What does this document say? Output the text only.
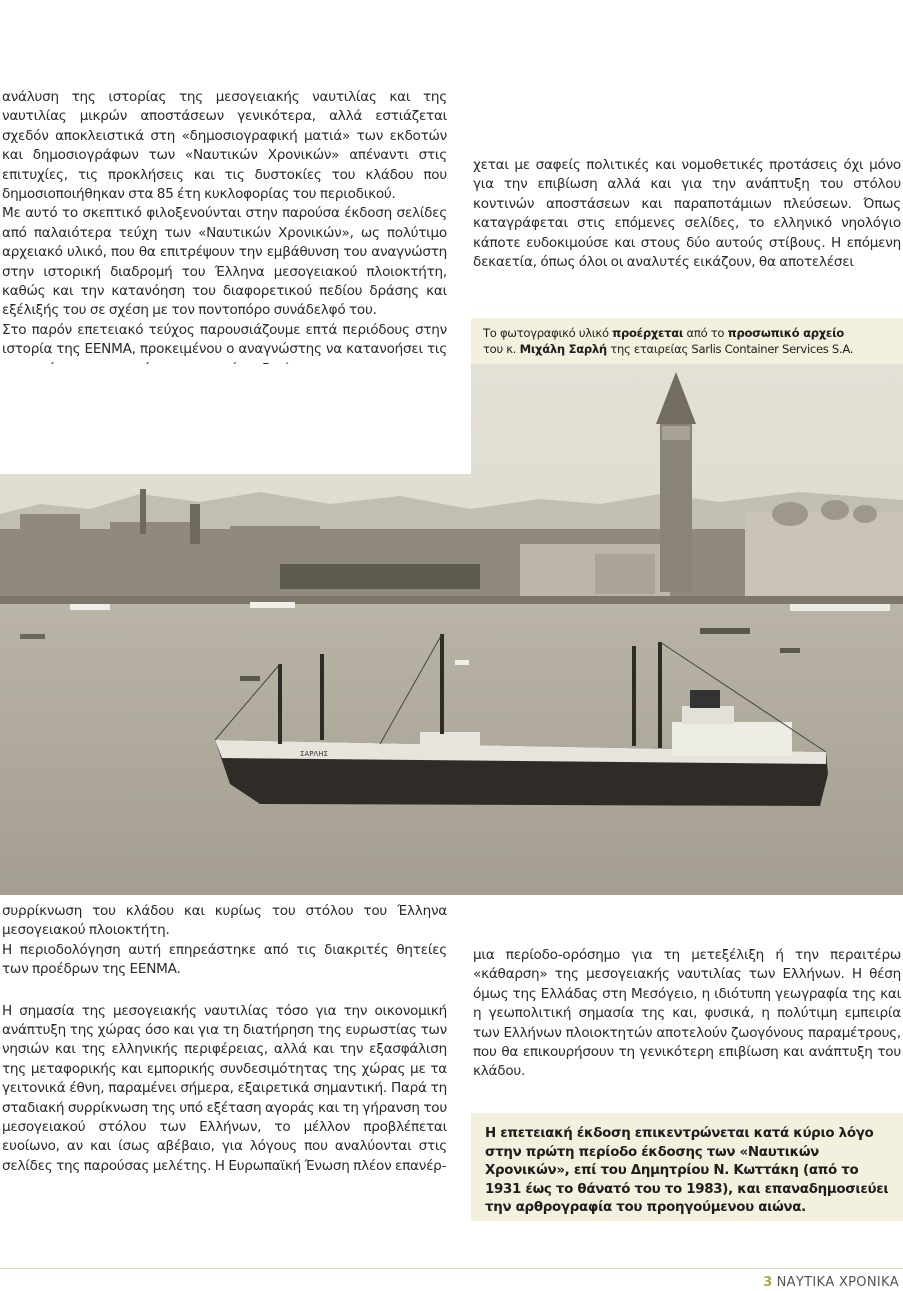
ανάλυση της ιστορίας της μεσογειακής ναυτιλίας και της ναυτιλίας μικρών αποστάσεων γενικότερα, αλλά εστιάζεται σχεδόν αποκλειστικά στη «δημοσιογραφική ματιά» των εκδοτών και δημοσιογράφων των «Ναυτικών Χρονικών» απέναντι στις επιτυχίες, τις προκλήσεις και τις δυστοκίες του κλάδου που δημοσιοποιήθηκαν στα 85 έτη κυκλοφορίας του περιοδικού.

Με αυτό το σκεπτικό φιλοξενούνται στην παρούσα έκδοση σελίδες από παλαιότερα τεύχη των «Ναυτικών Χρονικών», ως πολύτιμο αρχειακό υλικό, που θα επιτρέψουν την εμβάθυνση του αναγνώστη στην ιστορική διαδρομή του Έλληνα μεσογειακού πλοιοκτήτη, καθώς και την κατανόηση του διαφορετικού πεδίου δράσης και εξέλιξής του σε σχέση με τον ποντοπόρο συνάδελφό του.

Στο παρόν επετειακό τεύχος παρουσιάζουμε επτά περιόδους στην ιστορία της ΕΕΝΜΑ, προκειμένου ο αναγνώστης να κατανοήσει τις

χεται με σαφείς πολιτικές και νομοθετικές προτάσεις όχι μόνο για την επιβίωση αλλά και για την ανάπτυξη του στόλου κοντινών αποστάσεων και παραποτάμιων πλεύσεων. Όπως καταγράφεται στις επόμενες σελίδες, το ελληνικό νηολόγιο κάποτε ευδοκιμούσε και στους δύο αυτούς στίβους. Η επόμενη δεκαετία, όπως όλοι οι αναλυτές εικάζουν, θα αποτελέσει

Το φωτογραφικό υλικό προέρχεται από το προσωπικό αρχείο
του κ. Μιχάλη Σαρλή της εταιρείας Sarlis Container Services S.A.
ΣΑΡΛΗΣ

συρρίκνωση του κλάδου και κυρίως του στόλου του Έλληνα μεσογειακού πλοιοκτήτη.

Η περιοδολόγηση αυτή επηρεάστηκε από τις διακριτές θητείες των προέδρων της ΕΕΝΜΑ.

Η σημασία της μεσογειακής ναυτιλίας τόσο για την οικονομική ανάπτυξη της χώρας όσο και για τη διατήρηση της ευρωστίας των νησιών και της ελληνικής περιφέρειας, αλλά και την εξασφάλιση της μεταφορικής και εμπορικής συνδεσιμότητας της χώρας με τα γειτονικά έθνη, παραμένει σήμερα, εξαιρετικά σημαντική. Παρά τη σταδιακή συρρίκνωση της υπό εξέταση αγοράς και τη γήρανση του μεσογειακού στόλου των Ελλήνων, το μέλλον προβλέπεται ευοίωνο, αν και ίσως αβέβαιο, για λόγους που αναλύονται στις σελίδες της παρούσας μελέτης. Η Ευρωπαϊκή Ένωση πλέον επανέρ-

μια περίοδο-ορόσημο για τη μετεξέλιξη ή την περαιτέρω «κάθαρση» της μεσογειακής ναυτιλίας των Ελλήνων. Η θέση όμως της Ελλάδας στη Μεσόγειο, η ιδιότυπη γεωγραφία της και η γεωπολιτική σημασία της και, φυσικά, η πολύτιμη εμπειρία των Ελλήνων πλοιοκτητών αποτελούν ζωογόνους παραμέτρους, που θα επικουρήσουν τη γενικότερη επιβίωση και ανάπτυξη του κλάδου.

Η επετειακή έκδοση επικεντρώνεται κατά κύριο λόγο στην πρώτη περίοδο έκδοσης των «Ναυτικών Χρονικών», επί του Δημητρίου Ν. Κωττάκη (από το 1931 έως το θάνατό του το 1983), και επαναδημοσιεύει την αρθρογραφία του προηγούμενου αιώνα.
3 ΝΑΥΤΙΚΑ ΧΡΟΝΙΚΑ
